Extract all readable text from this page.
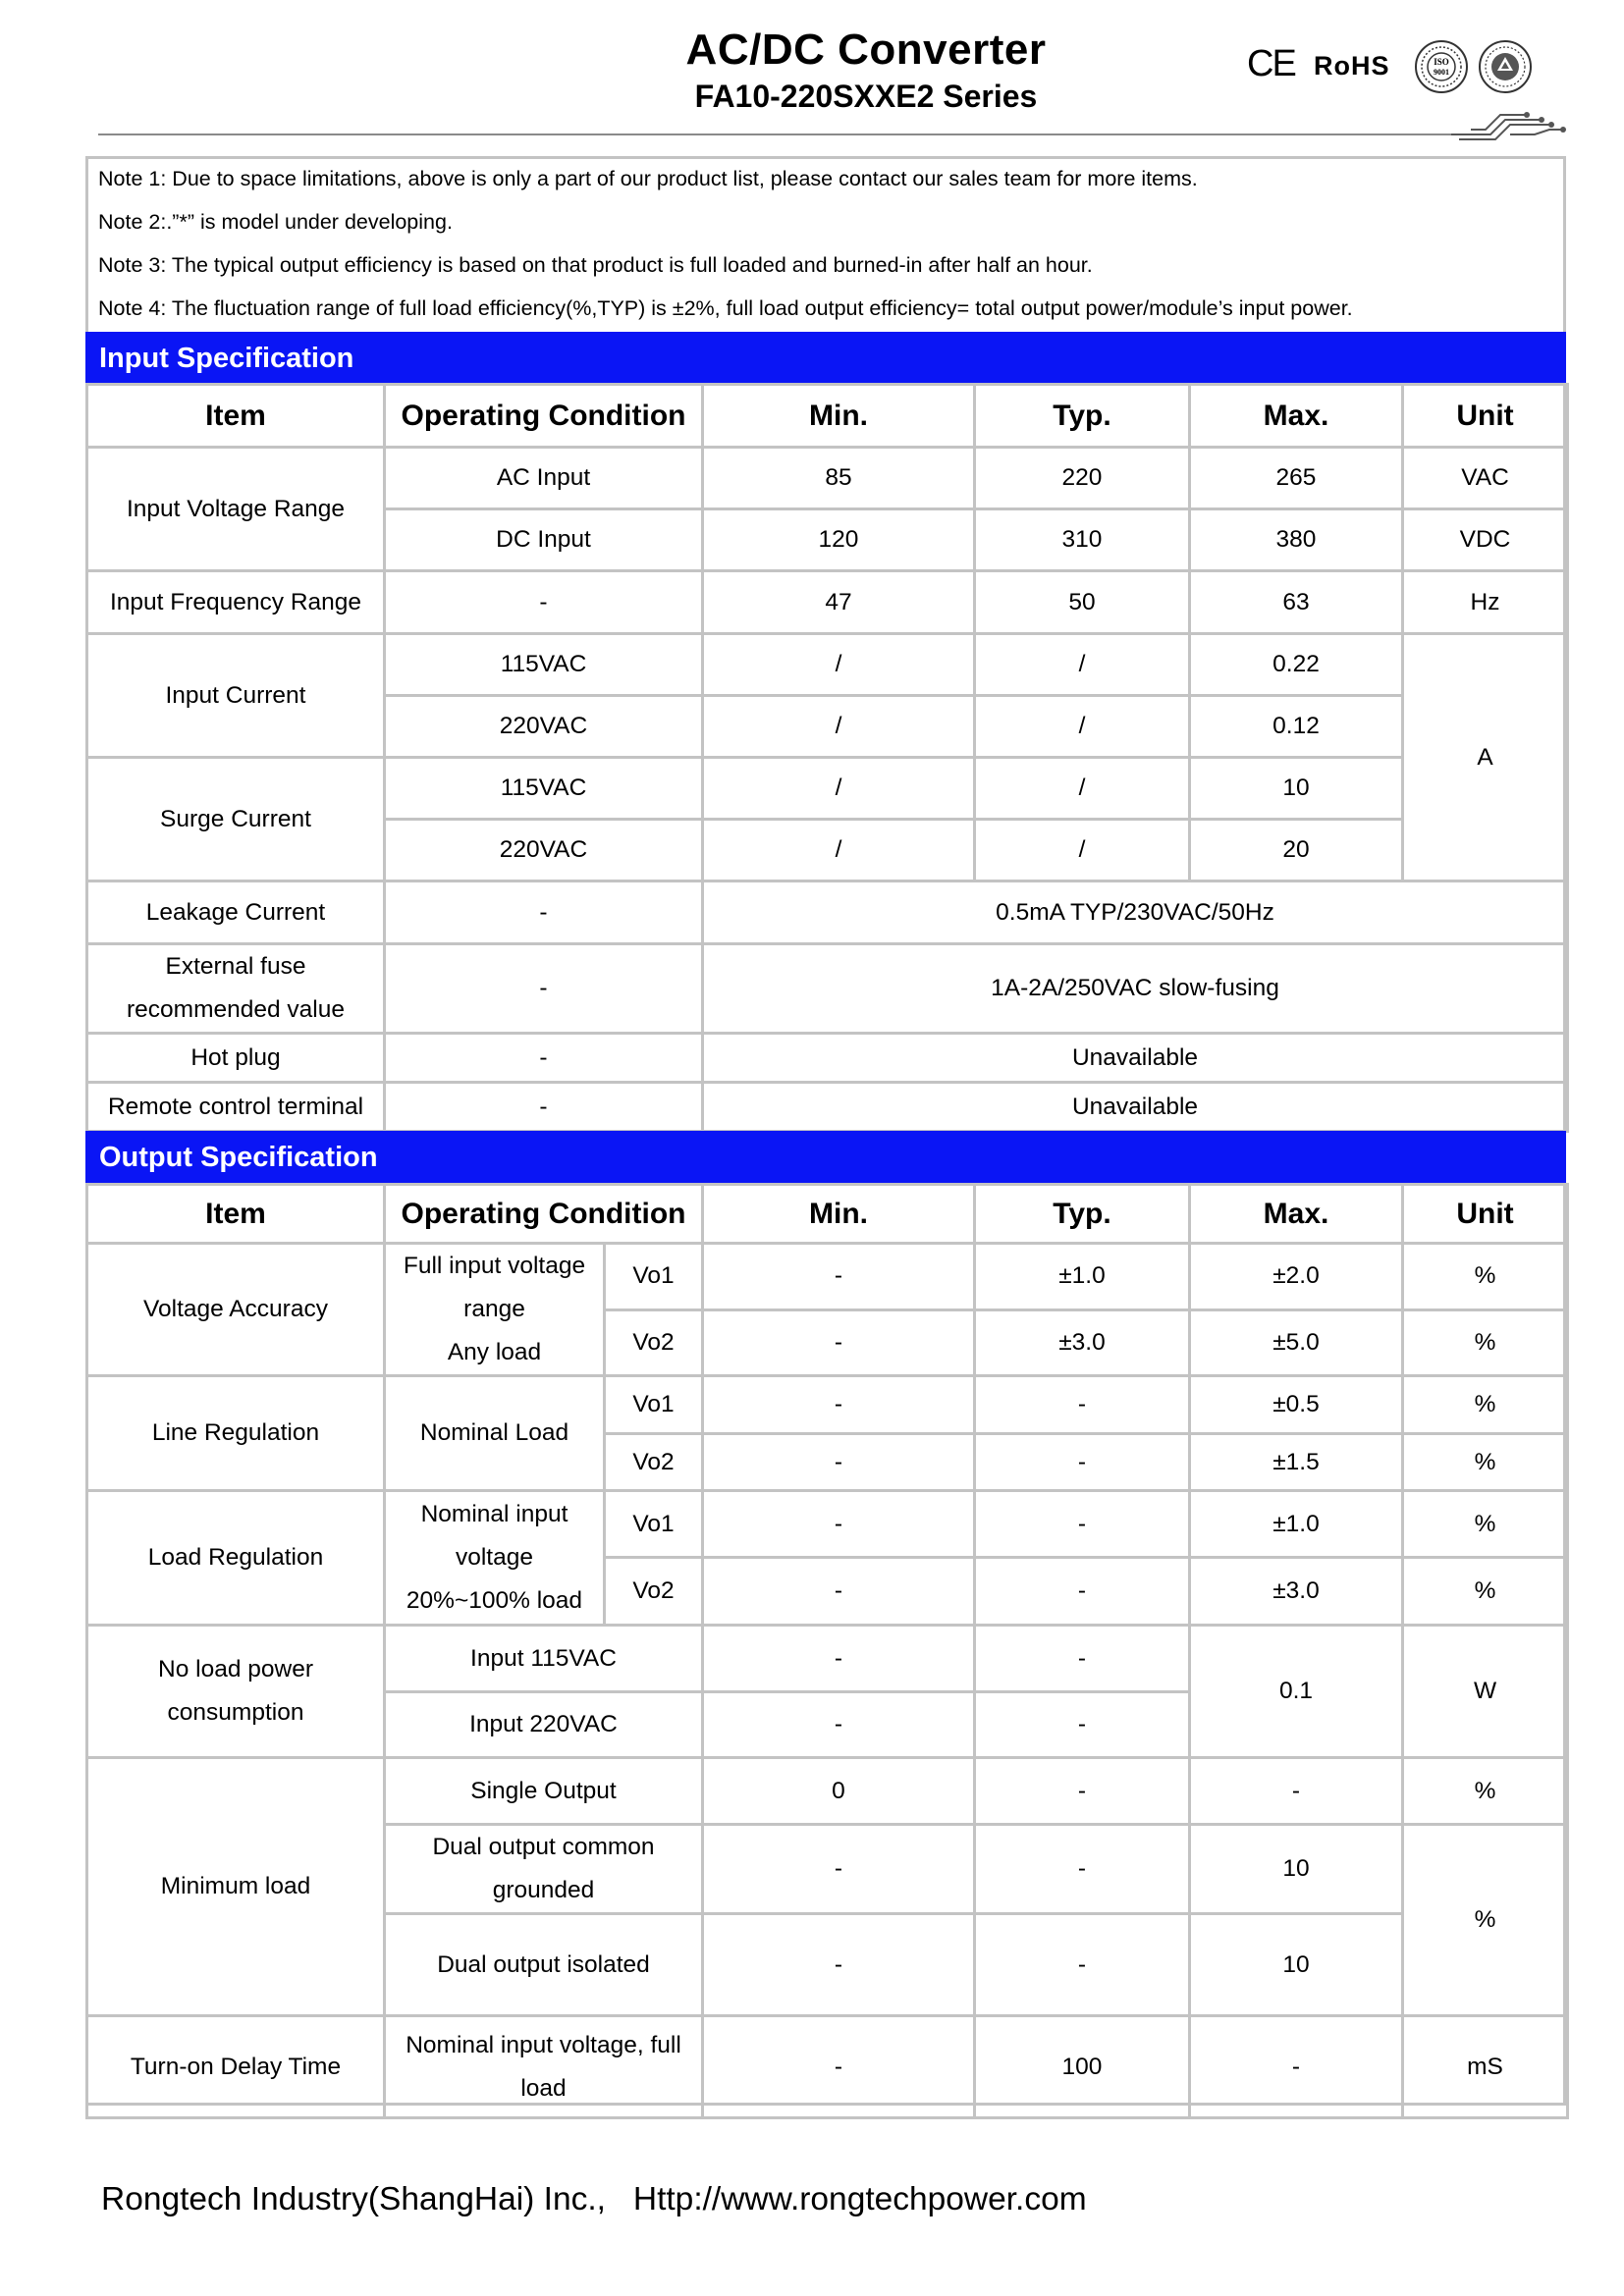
AC/DC Converter
FA10-220SXXE2 Series
CE RoHS	ISO
9001
Note 1: Due to space limitations, above is only a part of our product list, please contact our sales team for more items.
Note 2:.”*” is model under developing.
Note 3: The typical output efficiency is based on that product is full loaded and burned-in after half an hour.
Note 4: The fluctuation range of full load efficiency(%,TYP) is ±2%, full load output efficiency= total output power/module’s input power.
Input Specification
Item	Operating Condition	Min.	Typ.	Max.	Unit
Input Voltage Range	AC Input	85	220	265	VAC
	DC Input	120	310	380	VDC
Input Frequency Range	-	47	50	63	Hz
Input Current	115VAC	/	/	0.22	A
	220VAC	/	/	0.12	
Surge Current	115VAC	/	/	10	
	220VAC	/	/	20	
Leakage Current	-	0.5mA TYP/230VAC/50Hz			
External fuse
recommended value	-	1A-2A/250VAC slow-fusing			
Hot plug	-	Unavailable			
Remote control terminal	-	Unavailable			
Output Specification
Item	Operating Condition		Min.	Typ.	Max.	Unit
Voltage Accuracy	Full input voltage
range
Any load	Vo1	-	±1.0	±2.0	%
		Vo2	-	±3.0	±5.0	%
Line Regulation	Nominal Load	Vo1	-	-	±0.5	%
		Vo2	-	-	±1.5	%
Load Regulation	Nominal input
voltage
20%~100% load	Vo1	-	-	±1.0	%
		Vo2	-	-	±3.0	%
No load power
consumption	Input 115VAC		-	-	0.1	W
	Input 220VAC		-	-		
Minimum load	Single Output		0	-	-	%
	Dual output common
grounded		-	-	10	%
	Dual output isolated		-	-	10	
Turn-on Delay Time	Nominal input voltage, full
load		-	100	-	mS
Rongtech Industry(ShangHai) Inc., Http://www.rongtechpower.com
